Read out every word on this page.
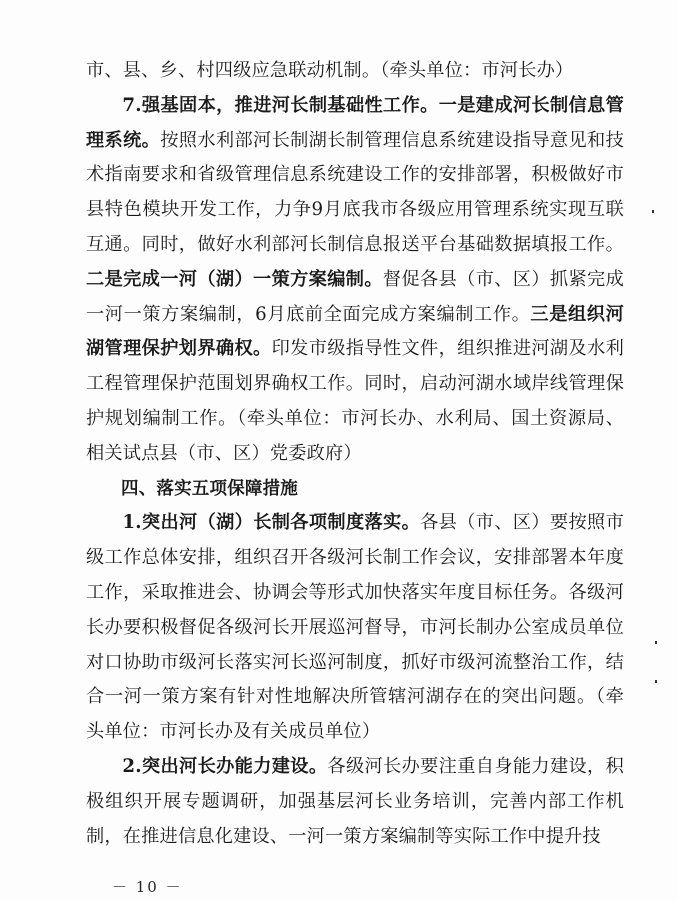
市、县、乡、村四级应急联动机制。（牵头单位：市河长办）

7.强基固本，推进河长制基础性工作。一是建成河长制信息管理系统。按照水利部河长制湖长制管理信息系统建设指导意见和技术指南要求和省级管理信息系统建设工作的安排部署，积极做好市县特色模块开发工作，力争9月底我市各级应用管理系统实现互联互通。同时，做好水利部河长制信息报送平台基础数据填报工作。二是完成一河（湖）一策方案编制。督促各县（市、区）抓紧完成一河一策方案编制，6月底前全面完成方案编制工作。三是组织河湖管理保护划界确权。印发市级指导性文件，组织推进河湖及水利工程管理保护范围划界确权工作。同时，启动河湖水域岸线管理保护规划编制工作。（牵头单位：市河长办、水利局、国土资源局、相关试点县（市、区）党委政府）

四、落实五项保障措施

1.突出河（湖）长制各项制度落实。各县（市、区）要按照市级工作总体安排，组织召开各级河长制工作会议，安排部署本年度工作，采取推进会、协调会等形式加快落实年度目标任务。各级河长办要积极督促各级河长开展巡河督导，市河长制办公室成员单位对口协助市级河长落实河长巡河制度，抓好市级河流整治工作，结合一河一策方案有针对性地解决所管辖河湖存在的突出问题。（牵头单位：市河长办及有关成员单位）

2.突出河长办能力建设。各级河长办要注重自身能力建设，积极组织开展专题调研，加强基层河长业务培训，完善内部工作机制，在推进信息化建设、一河一策方案编制等实际工作中提升技

－ 10 －
